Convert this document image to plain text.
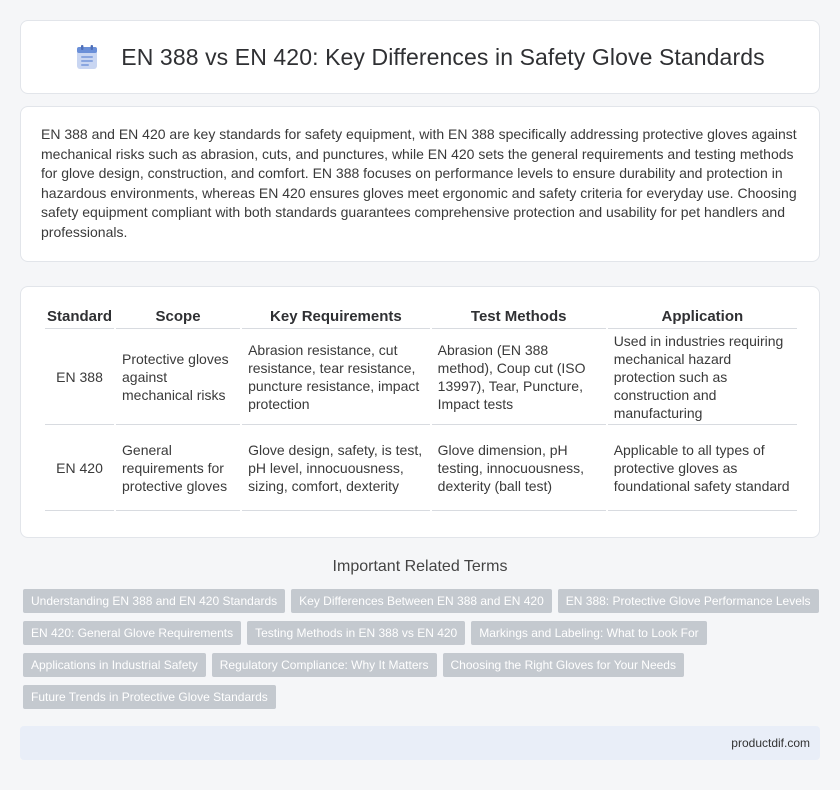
EN 388 vs EN 420: Key Differences in Safety Glove Standards

EN 388 and EN 420 are key standards for safety equipment, with EN 388 specifically addressing protective gloves against mechanical risks such as abrasion, cuts, and punctures, while EN 420 sets the general requirements and testing methods for glove design, construction, and comfort. EN 388 focuses on performance levels to ensure durability and protection in hazardous environments, whereas EN 420 ensures gloves meet ergonomic and safety criteria for everyday use. Choosing safety equipment compliant with both standards guarantees comprehensive protection and usability for pet handlers and professionals.

Standard	Scope	Key Requirements	Test Methods	Application
EN 388	Protective gloves against mechanical risks	Abrasion resistance, cut resistance, tear resistance, puncture resistance, impact protection	Abrasion (EN 388 method), Coup cut (ISO 13997), Tear, Puncture, Impact tests	Used in industries requiring mechanical hazard protection such as construction and manufacturing
EN 420	General requirements for protective gloves	Glove design, safety, is test, pH level, innocuousness, sizing, comfort, dexterity	Glove dimension, pH testing, innocuousness, dexterity (ball test)	Applicable to all types of protective gloves as foundational safety standard
Important Related Terms
Understanding EN 388 and EN 420 Standards	Key Differences Between EN 388 and EN 420	EN 388: Protective Glove Performance Levels
EN 420: General Glove Requirements	Testing Methods in EN 388 vs EN 420	Markings and Labeling: What to Look For
Applications in Industrial Safety	Regulatory Compliance: Why It Matters	Choosing the Right Gloves for Your Needs
Future Trends in Protective Glove Standards
productdif.com
